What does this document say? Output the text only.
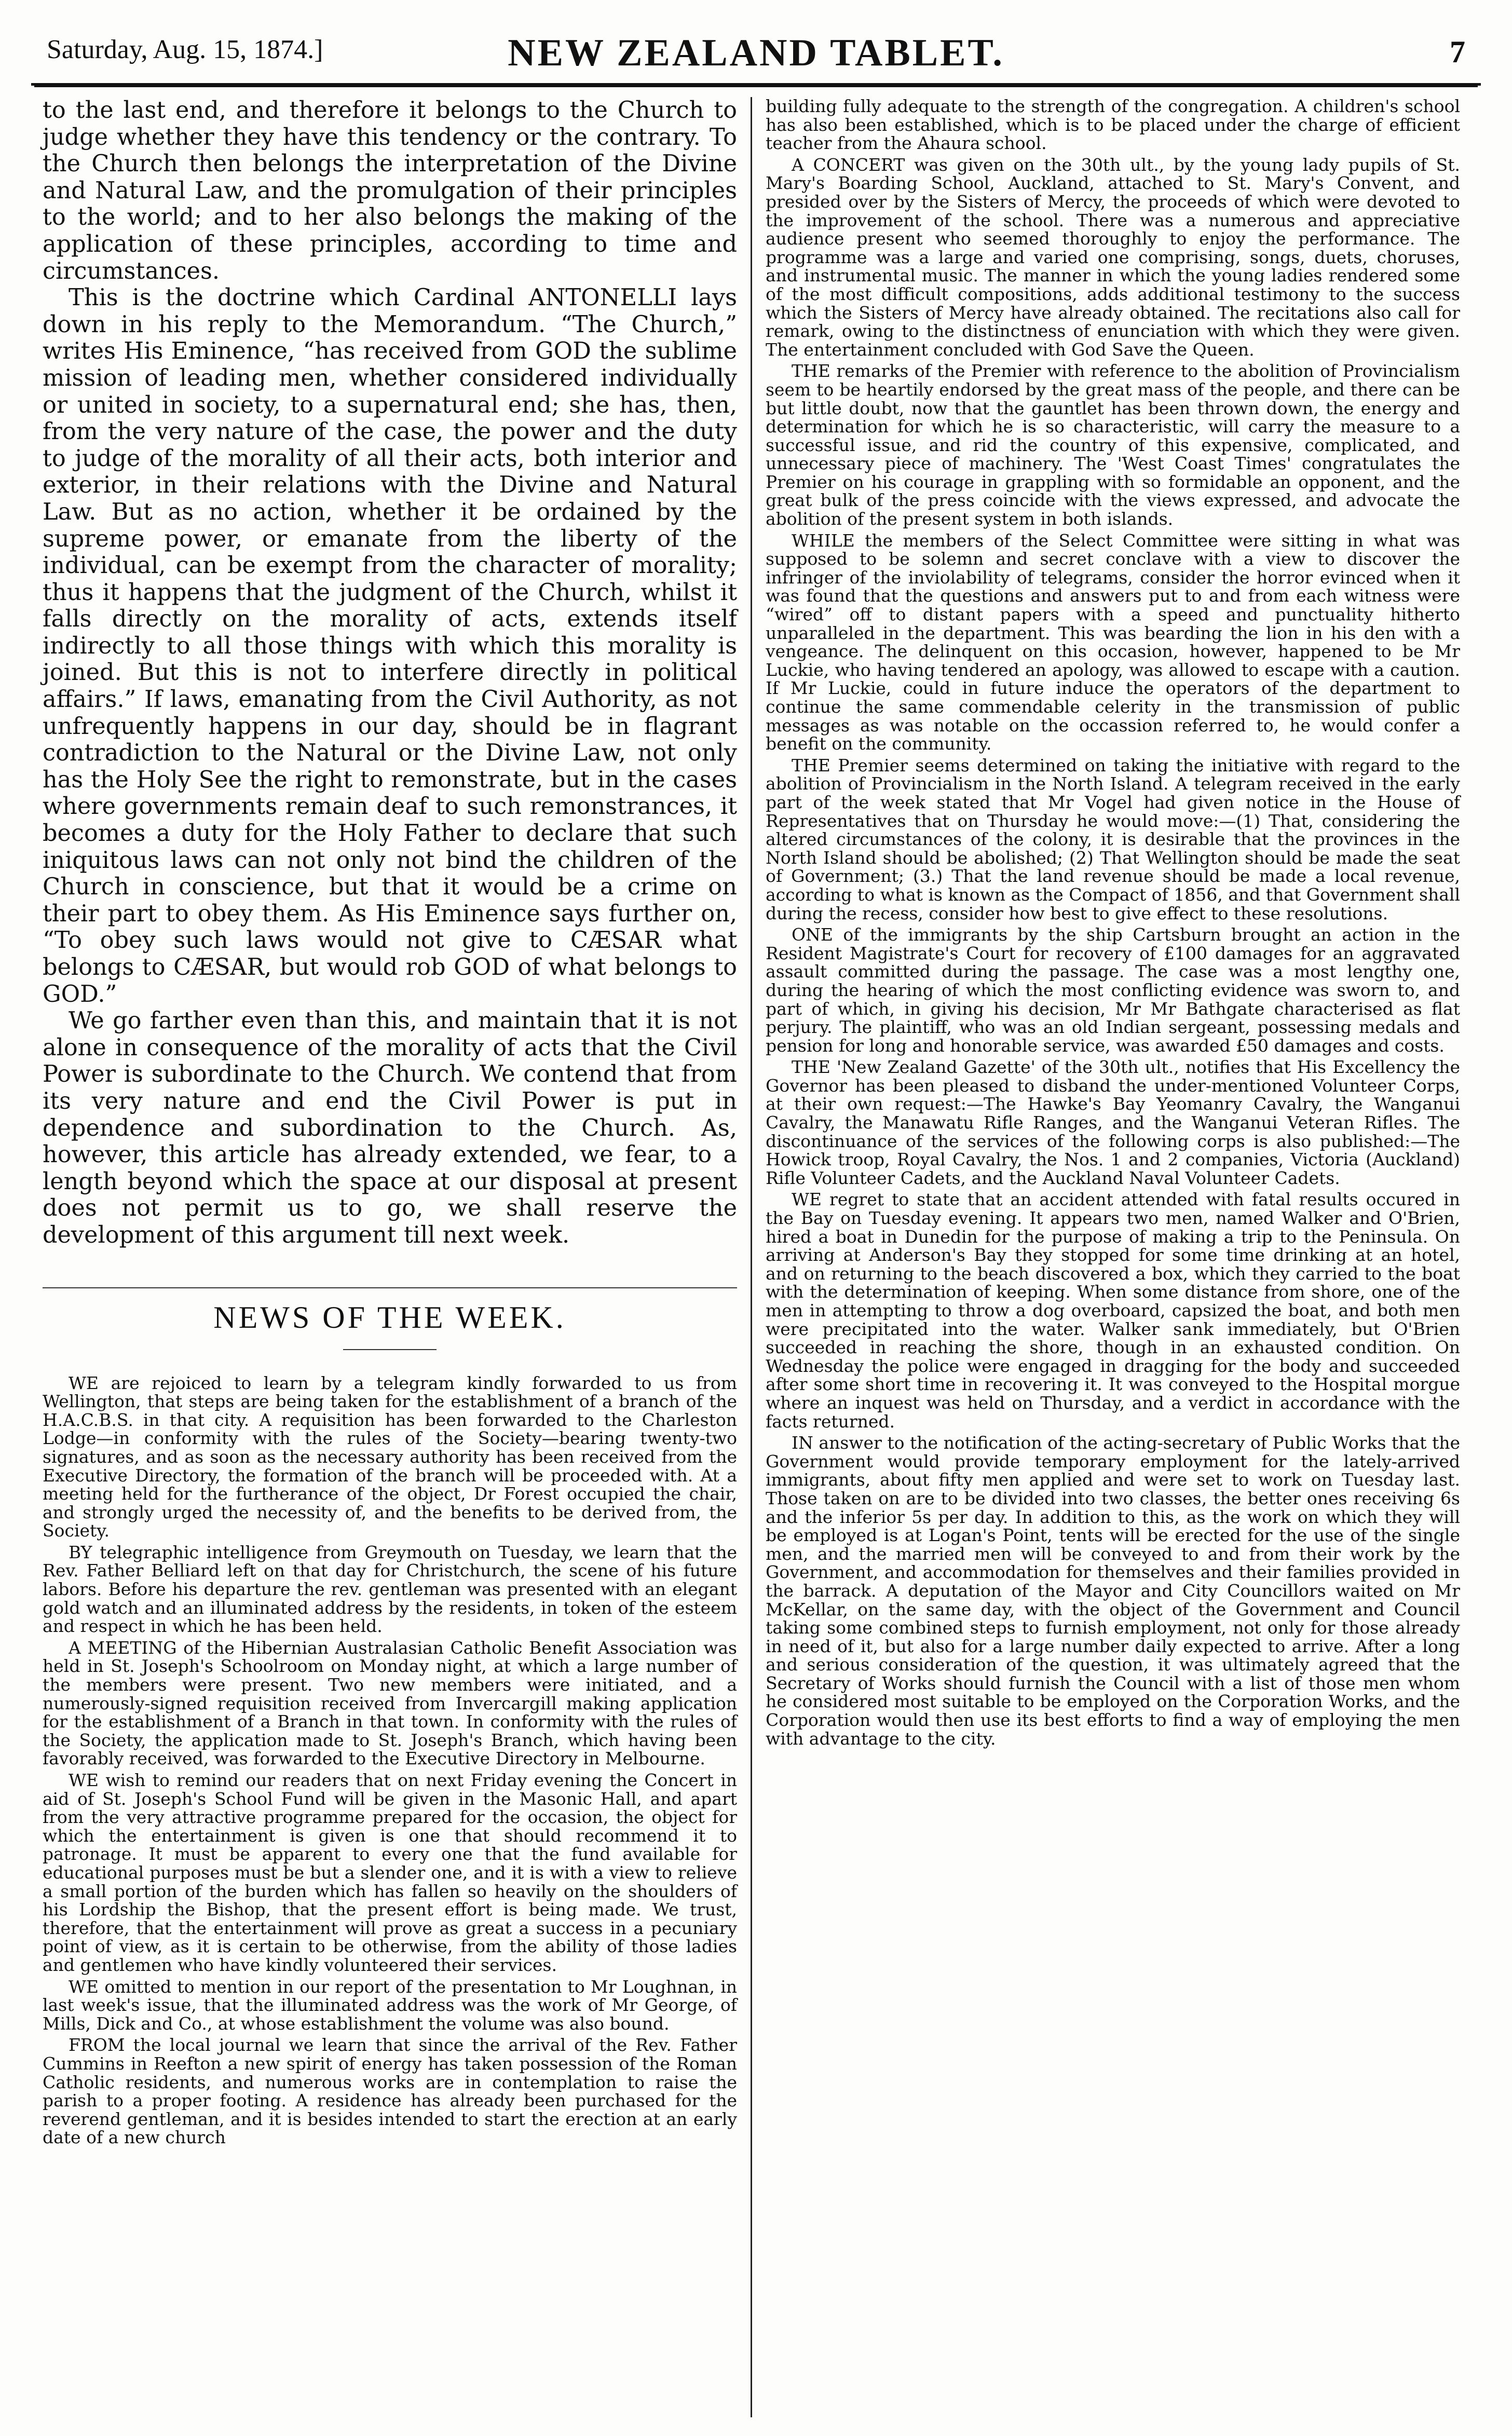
Saturday, Aug. 15, 1874.]	NEW ZEALAND TABLET.	7

to the last end, and therefore it belongs to the Church to judge whether they have this tendency or the contrary. To the Church then belongs the interpretation of the Divine and Natural Law, and the promulgation of their principles to the world; and to her also belongs the making of the application of these principles, according to time and circumstances.

This is the doctrine which Cardinal ANTONELLI lays down in his reply to the Memorandum. “The Church,” writes His Eminence, “has received from GOD the sublime mission of leading men, whether considered individually or united in society, to a supernatural end; she has, then, from the very nature of the case, the power and the duty to judge of the morality of all their acts, both interior and exterior, in their relations with the Divine and Natural Law. But as no action, whether it be ordained by the supreme power, or emanate from the liberty of the individual, can be exempt from the character of morality; thus it happens that the judgment of the Church, whilst it falls directly on the morality of acts, extends itself indirectly to all those things with which this morality is joined. But this is not to interfere directly in political affairs.” If laws, emanating from the Civil Authority, as not unfrequently happens in our day, should be in flagrant contradiction to the Natural or the Divine Law, not only has the Holy See the right to remonstrate, but in the cases where governments remain deaf to such remonstrances, it becomes a duty for the Holy Father to declare that such iniquitous laws can not only not bind the children of the Church in conscience, but that it would be a crime on their part to obey them. As His Eminence says further on, “To obey such laws would not give to CÆSAR what belongs to CÆSAR, but would rob GOD of what belongs to GOD.”

We go farther even than this, and maintain that it is not alone in consequence of the morality of acts that the Civil Power is subordinate to the Church. We contend that from its very nature and end the Civil Power is put in dependence and subordination to the Church. As, however, this article has already extended, we fear, to a length beyond which the space at our disposal at present does not permit us to go, we shall reserve the development of this argument till next week.

NEWS OF THE WEEK.

WE are rejoiced to learn by a telegram kindly forwarded to us from Wellington, that steps are being taken for the establishment of a branch of the H.A.C.B.S. in that city. A requisition has been forwarded to the Charleston Lodge—in conformity with the rules of the Society—bearing twenty-two signatures, and as soon as the necessary authority has been received from the Executive Directory, the formation of the branch will be proceeded with. At a meeting held for the furtherance of the object, Dr Forest occupied the chair, and strongly urged the necessity of, and the benefits to be derived from, the Society.

BY telegraphic intelligence from Greymouth on Tuesday, we learn that the Rev. Father Belliard left on that day for Christchurch, the scene of his future labors. Before his departure the rev. gentleman was presented with an elegant gold watch and an illuminated address by the residents, in token of the esteem and respect in which he has been held.

A MEETING of the Hibernian Australasian Catholic Benefit Association was held in St. Joseph's Schoolroom on Monday night, at which a large number of the members were present. Two new members were initiated, and a numerously-signed requisition received from Invercargill making application for the establishment of a Branch in that town. In conformity with the rules of the Society, the application made to St. Joseph's Branch, which having been favorably received, was forwarded to the Executive Directory in Melbourne.

WE wish to remind our readers that on next Friday evening the Concert in aid of St. Joseph's School Fund will be given in the Masonic Hall, and apart from the very attractive programme prepared for the occasion, the object for which the entertainment is given is one that should recommend it to patronage. It must be apparent to every one that the fund available for educational purposes must be but a slender one, and it is with a view to relieve a small portion of the burden which has fallen so heavily on the shoulders of his Lordship the Bishop, that the present effort is being made. We trust, therefore, that the entertainment will prove as great a success in a pecuniary point of view, as it is certain to be otherwise, from the ability of those ladies and gentlemen who have kindly volunteered their services.

WE omitted to mention in our report of the presentation to Mr Loughnan, in last week's issue, that the illuminated address was the work of Mr George, of Mills, Dick and Co., at whose establishment the volume was also bound.

FROM the local journal we learn that since the arrival of the Rev. Father Cummins in Reefton a new spirit of energy has taken possession of the Roman Catholic residents, and numerous works are in contemplation to raise the parish to a proper footing. A residence has already been purchased for the reverend gentleman, and it is besides intended to start the erection at an early date of a new church

building fully adequate to the strength of the congregation. A children's school has also been established, which is to be placed under the charge of efficient teacher from the Ahaura school.

A CONCERT was given on the 30th ult., by the young lady pupils of St. Mary's Boarding School, Auckland, attached to St. Mary's Convent, and presided over by the Sisters of Mercy, the proceeds of which were devoted to the improvement of the school. There was a numerous and appreciative audience present who seemed thoroughly to enjoy the performance. The programme was a large and varied one comprising, songs, duets, choruses, and instrumental music. The manner in which the young ladies rendered some of the most difficult compositions, adds additional testimony to the success which the Sisters of Mercy have already obtained. The recitations also call for remark, owing to the distinctness of enunciation with which they were given. The entertainment concluded with God Save the Queen.

THE remarks of the Premier with reference to the abolition of Provincialism seem to be heartily endorsed by the great mass of the people, and there can be but little doubt, now that the gauntlet has been thrown down, the energy and determination for which he is so characteristic, will carry the measure to a successful issue, and rid the country of this expensive, complicated, and unnecessary piece of machinery. The 'West Coast Times' congratulates the Premier on his courage in grappling with so formidable an opponent, and the great bulk of the press coincide with the views expressed, and advocate the abolition of the present system in both islands.

WHILE the members of the Select Committee were sitting in what was supposed to be solemn and secret conclave with a view to discover the infringer of the inviolability of telegrams, consider the horror evinced when it was found that the questions and answers put to and from each witness were “wired” off to distant papers with a speed and punctuality hitherto unparalleled in the department. This was bearding the lion in his den with a vengeance. The delinquent on this occasion, however, happened to be Mr Luckie, who having tendered an apology, was allowed to escape with a caution. If Mr Luckie, could in future induce the operators of the department to continue the same commendable celerity in the transmission of public messages as was notable on the occassion referred to, he would confer a benefit on the community.

THE Premier seems determined on taking the initiative with regard to the abolition of Provincialism in the North Island. A telegram received in the early part of the week stated that Mr Vogel had given notice in the House of Representatives that on Thursday he would move:—(1) That, considering the altered circumstances of the colony, it is desirable that the provinces in the North Island should be abolished; (2) That Wellington should be made the seat of Government; (3.) That the land revenue should be made a local revenue, according to what is known as the Compact of 1856, and that Government shall during the recess, consider how best to give effect to these resolutions.

ONE of the immigrants by the ship Cartsburn brought an action in the Resident Magistrate's Court for recovery of £100 damages for an aggravated assault committed during the passage. The case was a most lengthy one, during the hearing of which the most conflicting evidence was sworn to, and part of which, in giving his decision, Mr Mr Bathgate characterised as flat perjury. The plaintiff, who was an old Indian sergeant, possessing medals and pension for long and honorable service, was awarded £50 damages and costs.

THE 'New Zealand Gazette' of the 30th ult., notifies that His Excellency the Governor has been pleased to disband the under-mentioned Volunteer Corps, at their own request:—The Hawke's Bay Yeomanry Cavalry, the Wanganui Cavalry, the Manawatu Rifle Ranges, and the Wanganui Veteran Rifles. The discontinuance of the services of the following corps is also published:—The Howick troop, Royal Cavalry, the Nos. 1 and 2 companies, Victoria (Auckland) Rifle Volunteer Cadets, and the Auckland Naval Volunteer Cadets.

WE regret to state that an accident attended with fatal results occured in the Bay on Tuesday evening. It appears two men, named Walker and O'Brien, hired a boat in Dunedin for the purpose of making a trip to the Peninsula. On arriving at Anderson's Bay they stopped for some time drinking at an hotel, and on returning to the beach discovered a box, which they carried to the boat with the determination of keeping. When some distance from shore, one of the men in attempting to throw a dog overboard, capsized the boat, and both men were precipitated into the water. Walker sank immediately, but O'Brien succeeded in reaching the shore, though in an exhausted condition. On Wednesday the police were engaged in dragging for the body and succeeded after some short time in recovering it. It was conveyed to the Hospital morgue where an inquest was held on Thursday, and a verdict in accordance with the facts returned.

IN answer to the notification of the acting-secretary of Public Works that the Government would provide temporary employment for the lately-arrived immigrants, about fifty men applied and were set to work on Tuesday last. Those taken on are to be divided into two classes, the better ones receiving 6s and the inferior 5s per day. In addition to this, as the work on which they will be employed is at Logan's Point, tents will be erected for the use of the single men, and the married men will be conveyed to and from their work by the Government, and accommodation for themselves and their families provided in the barrack. A deputation of the Mayor and City Councillors waited on Mr McKellar, on the same day, with the object of the Government and Council taking some combined steps to furnish employment, not only for those already in need of it, but also for a large number daily expected to arrive. After a long and serious consideration of the question, it was ultimately agreed that the Secretary of Works should furnish the Council with a list of those men whom he considered most suitable to be employed on the Corporation Works, and the Corporation would then use its best efforts to find a way of employing the men with advantage to the city.
